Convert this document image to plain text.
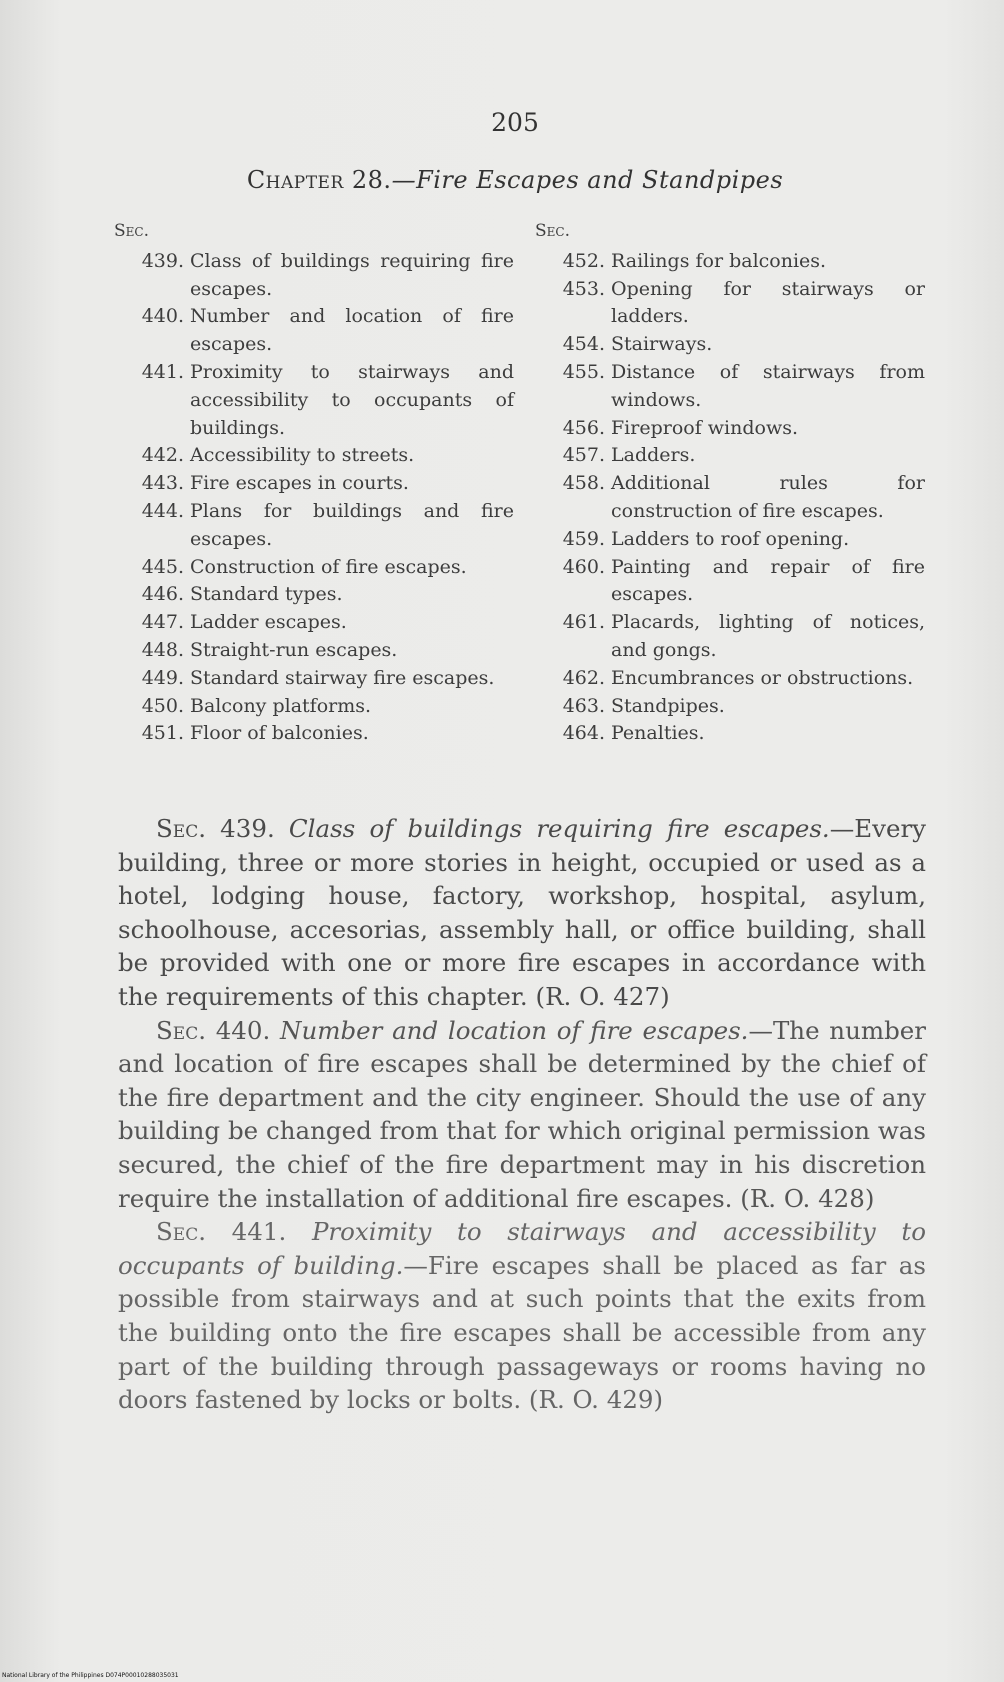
205
Chapter 28.—Fire Escapes and Standpipes
Sec.
439. Class of buildings requiring fire escapes.
440. Number and location of fire escapes.
441. Proximity to stairways and accessibility to occupants of buildings.
442. Accessibility to streets.
443. Fire escapes in courts.
444. Plans for buildings and fire escapes.
445. Construction of fire escapes.
446. Standard types.
447. Ladder escapes.
448. Straight-run escapes.
449. Standard stairway fire escapes.
450. Balcony platforms.
451. Floor of balconies.
Sec.
452. Railings for balconies.
453. Opening for stairways or ladders.
454. Stairways.
455. Distance of stairways from windows.
456. Fireproof windows.
457. Ladders.
458. Additional rules for construction of fire escapes.
459. Ladders to roof opening.
460. Painting and repair of fire escapes.
461. Placards, lighting of notices, and gongs.
462. Encumbrances or obstructions.
463. Standpipes.
464. Penalties.

Sec. 439. Class of buildings requiring fire escapes.—Every building, three or more stories in height, occupied or used as a hotel, lodging house, factory, workshop, hospital, asylum, schoolhouse, accesorias, assembly hall, or office building, shall be provided with one or more fire escapes in accordance with the requirements of this chapter. (R. O. 427)

Sec. 440. Number and location of fire escapes.—The number and location of fire escapes shall be determined by the chief of the fire department and the city engineer. Should the use of any building be changed from that for which original permission was secured, the chief of the fire department may in his discretion require the installation of additional fire escapes. (R. O. 428)

Sec. 441. Proximity to stairways and accessibility to occupants of building.—Fire escapes shall be placed as far as possible from stairways and at such points that the exits from the building onto the fire escapes shall be accessible from any part of the building through passageways or rooms having no doors fastened by locks or bolts. (R. O. 429)

National Library of the Philippines D074P00010288035031
